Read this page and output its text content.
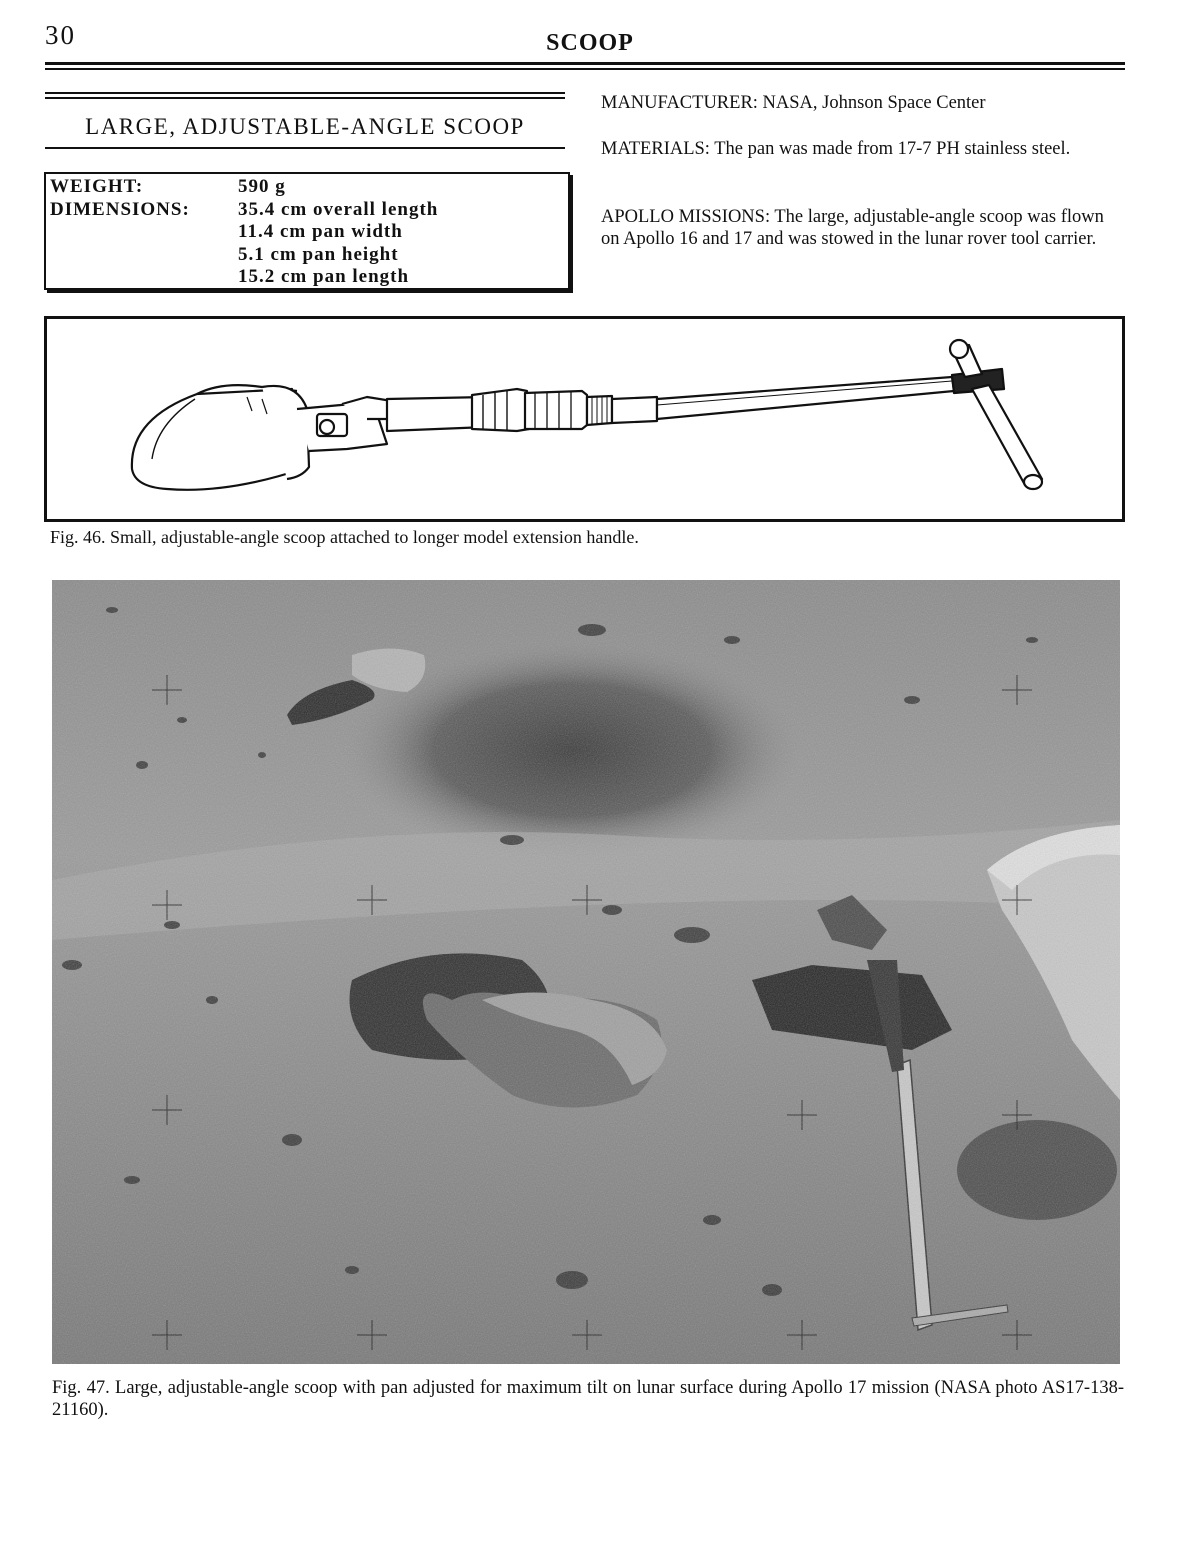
30	SCOOP
LARGE, ADJUSTABLE-ANGLE SCOOP
WEIGHT:	590 g
DIMENSIONS:	35.4 cm overall length
11.4 cm pan width
5.1 cm pan height
15.2 cm pan length
MANUFACTURER: NASA, Johnson Space Center
MATERIALS: The pan was made from 17-7 PH stainless steel.
APOLLO MISSIONS: The large, adjustable-angle scoop was flown on Apollo 16 and 17 and was stowed in the lunar rover tool carrier.
Fig. 46. Small, adjustable-angle scoop attached to longer model extension handle.
Fig. 47. Large, adjustable-angle scoop with pan adjusted for maximum tilt on lunar surface during Apollo 17 mission (NASA photo AS17-138-21160).
